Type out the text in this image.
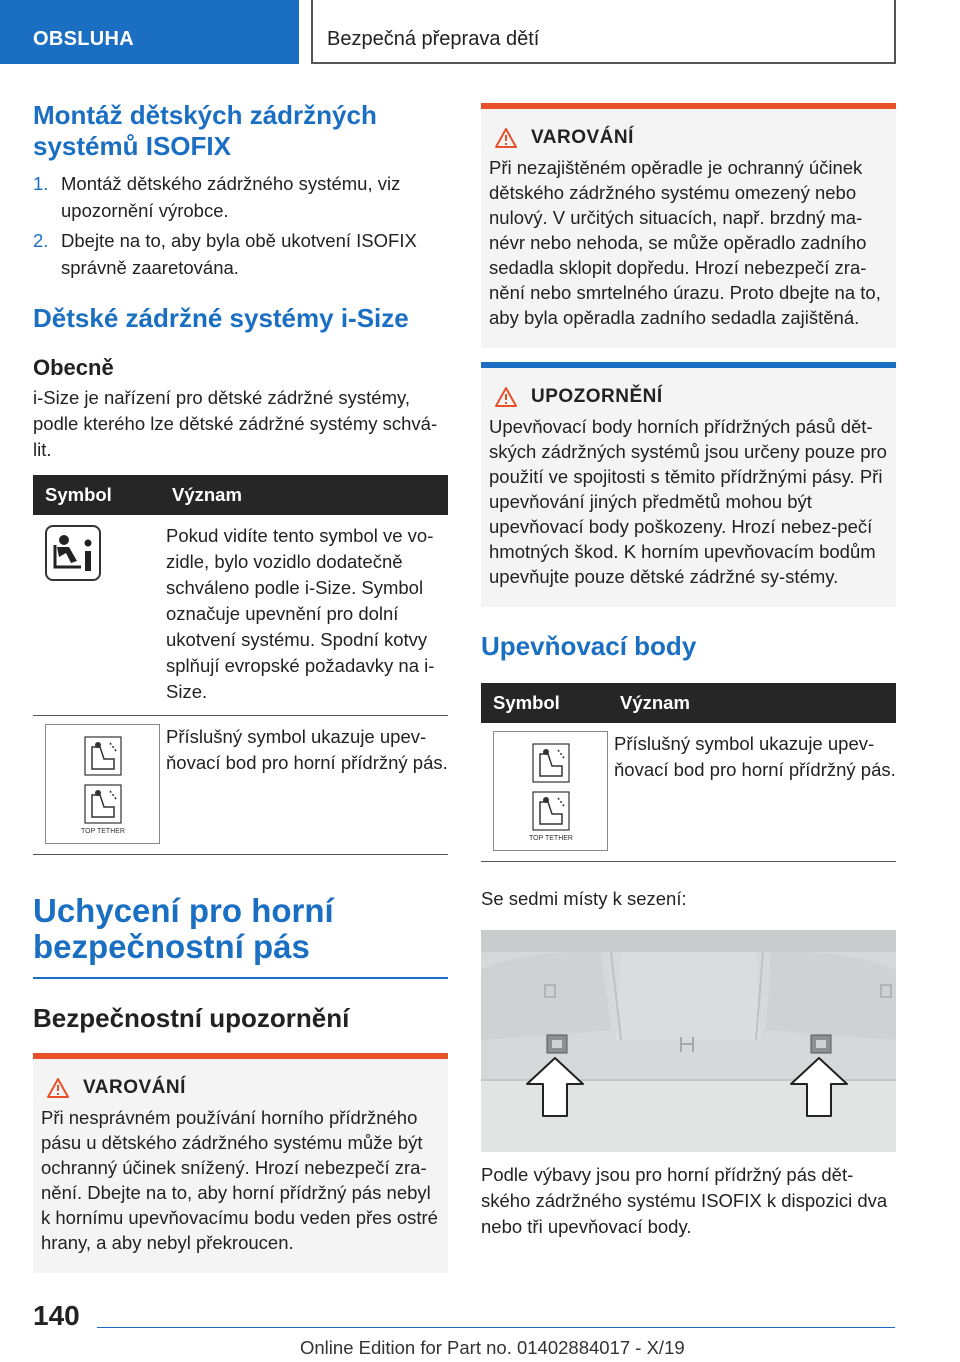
OBSLUHA	Bezpečná přeprava dětí
Montáž dětských zádržných systémů ISOFIX
1. Montáž dětského zádržného systému, viz upozornění výrobce.
2. Dbejte na to, aby byla obě ukotvení ISOFIX správně zaaretována.
Dětské zádržné systémy i-Size
Obecně

i-Size je nařízení pro dětské zádržné systémy, podle kterého lze dětské zádržné systémy schvá-lit.

Symbol	Význam

	Pokud vidíte tento symbol ve vo-zidle, bylo vozidlo dodatečně schváleno podle i-Size. Symbol označuje upevnění pro dolní ukotvení systému. Spodní kotvy splňují evropské požadavky na i-Size.

TOP TETHER	Příslušný symbol ukazuje upev-ňovací bod pro horní přídržný pás.
Uchycení pro horní bezpečnostní pás
Bezpečnostní upozornění
VAROVÁNÍ

Při nesprávném používání horního přídržného pásu u dětského zádržného systému může být ochranný účinek snížený. Hrozí nebezpečí zra-nění. Dbejte na to, aby horní přídržný pás nebyl k hornímu upevňovacímu bodu veden přes ostré hrany, a aby nebyl překroucen.

VAROVÁNÍ

Při nezajištěném opěradle je ochranný účinek dětského zádržného systému omezený nebo nulový. V určitých situacích, např. brzdný ma-névr nebo nehoda, se může opěradlo zadního sedadla sklopit dopředu. Hrozí nebezpečí zra-nění nebo smrtelného úrazu. Proto dbejte na to, aby byla opěradla zadního sedadla zajištěná.

UPOZORNĚNÍ

Upevňovací body horních přídržných pásů dět-ských zádržných systémů jsou určeny pouze pro použití ve spojitosti s těmito přídržnými pásy. Při upevňování jiných předmětů mohou být upevňovací body poškozeny. Hrozí nebez-pečí hmotných škod. K horním upevňovacím bodům upevňujte pouze dětské zádržné sy-stémy.

Upevňovací body
Symbol	Význam

TOP TETHER	Příslušný symbol ukazuje upev-ňovací bod pro horní přídržný pás.

Se sedmi místy k sezení:

Podle výbavy jsou pro horní přídržný pás dět-ského zádržného systému ISOFIX k dispozici dva nebo tři upevňovací body.

140
Online Edition for Part no. 01402884017 - X/19
